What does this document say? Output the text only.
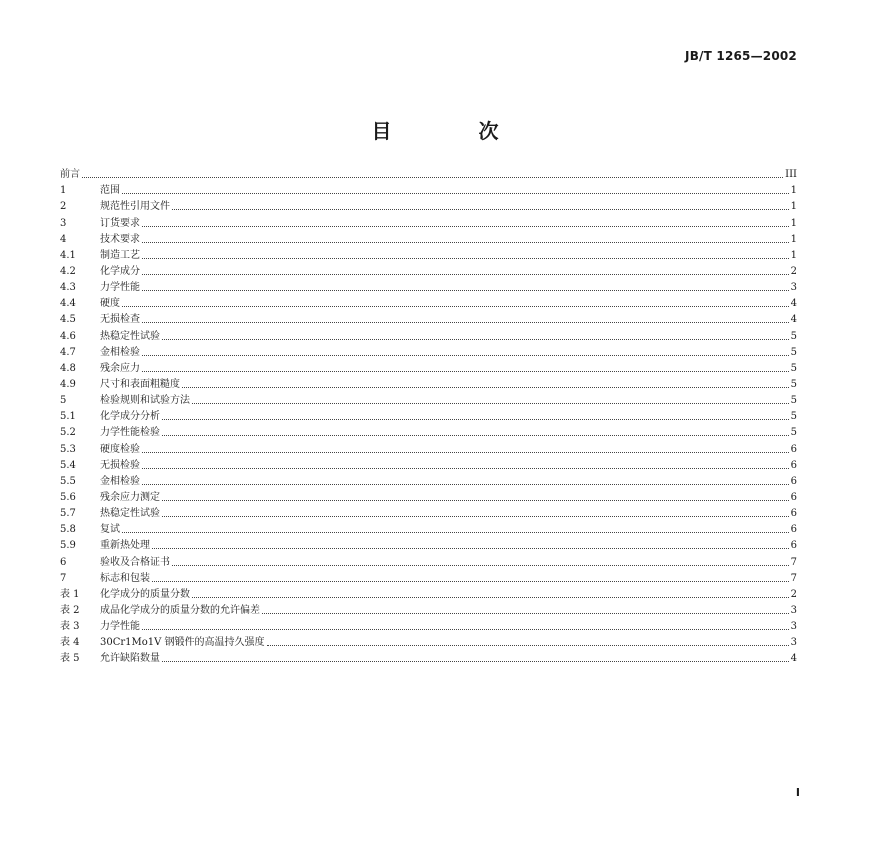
JB/T 1265—2002
目 次
前言	III
1	范围	1
2	规范性引用文件	1
3	订货要求	1
4	技术要求	1
4.1	制造工艺	1
4.2	化学成分	2
4.3	力学性能	3
4.4	硬度	4
4.5	无损检查	4
4.6	热稳定性试验	5
4.7	金相检验	5
4.8	残余应力	5
4.9	尺寸和表面粗糙度	5
5	检验规则和试验方法	5
5.1	化学成分分析	5
5.2	力学性能检验	5
5.3	硬度检验	6
5.4	无损检验	6
5.5	金相检验	6
5.6	残余应力测定	6
5.7	热稳定性试验	6
5.8	复试	6
5.9	重新热处理	6
6	验收及合格证书	7
7	标志和包装	7
表 1	化学成分的质量分数	2
表 2	成品化学成分的质量分数的允许偏差	3
表 3	力学性能	3
表 4	30Cr1Mo1V 钢锻件的高温持久强度	3
表 5	允许缺陷数量	4
I
